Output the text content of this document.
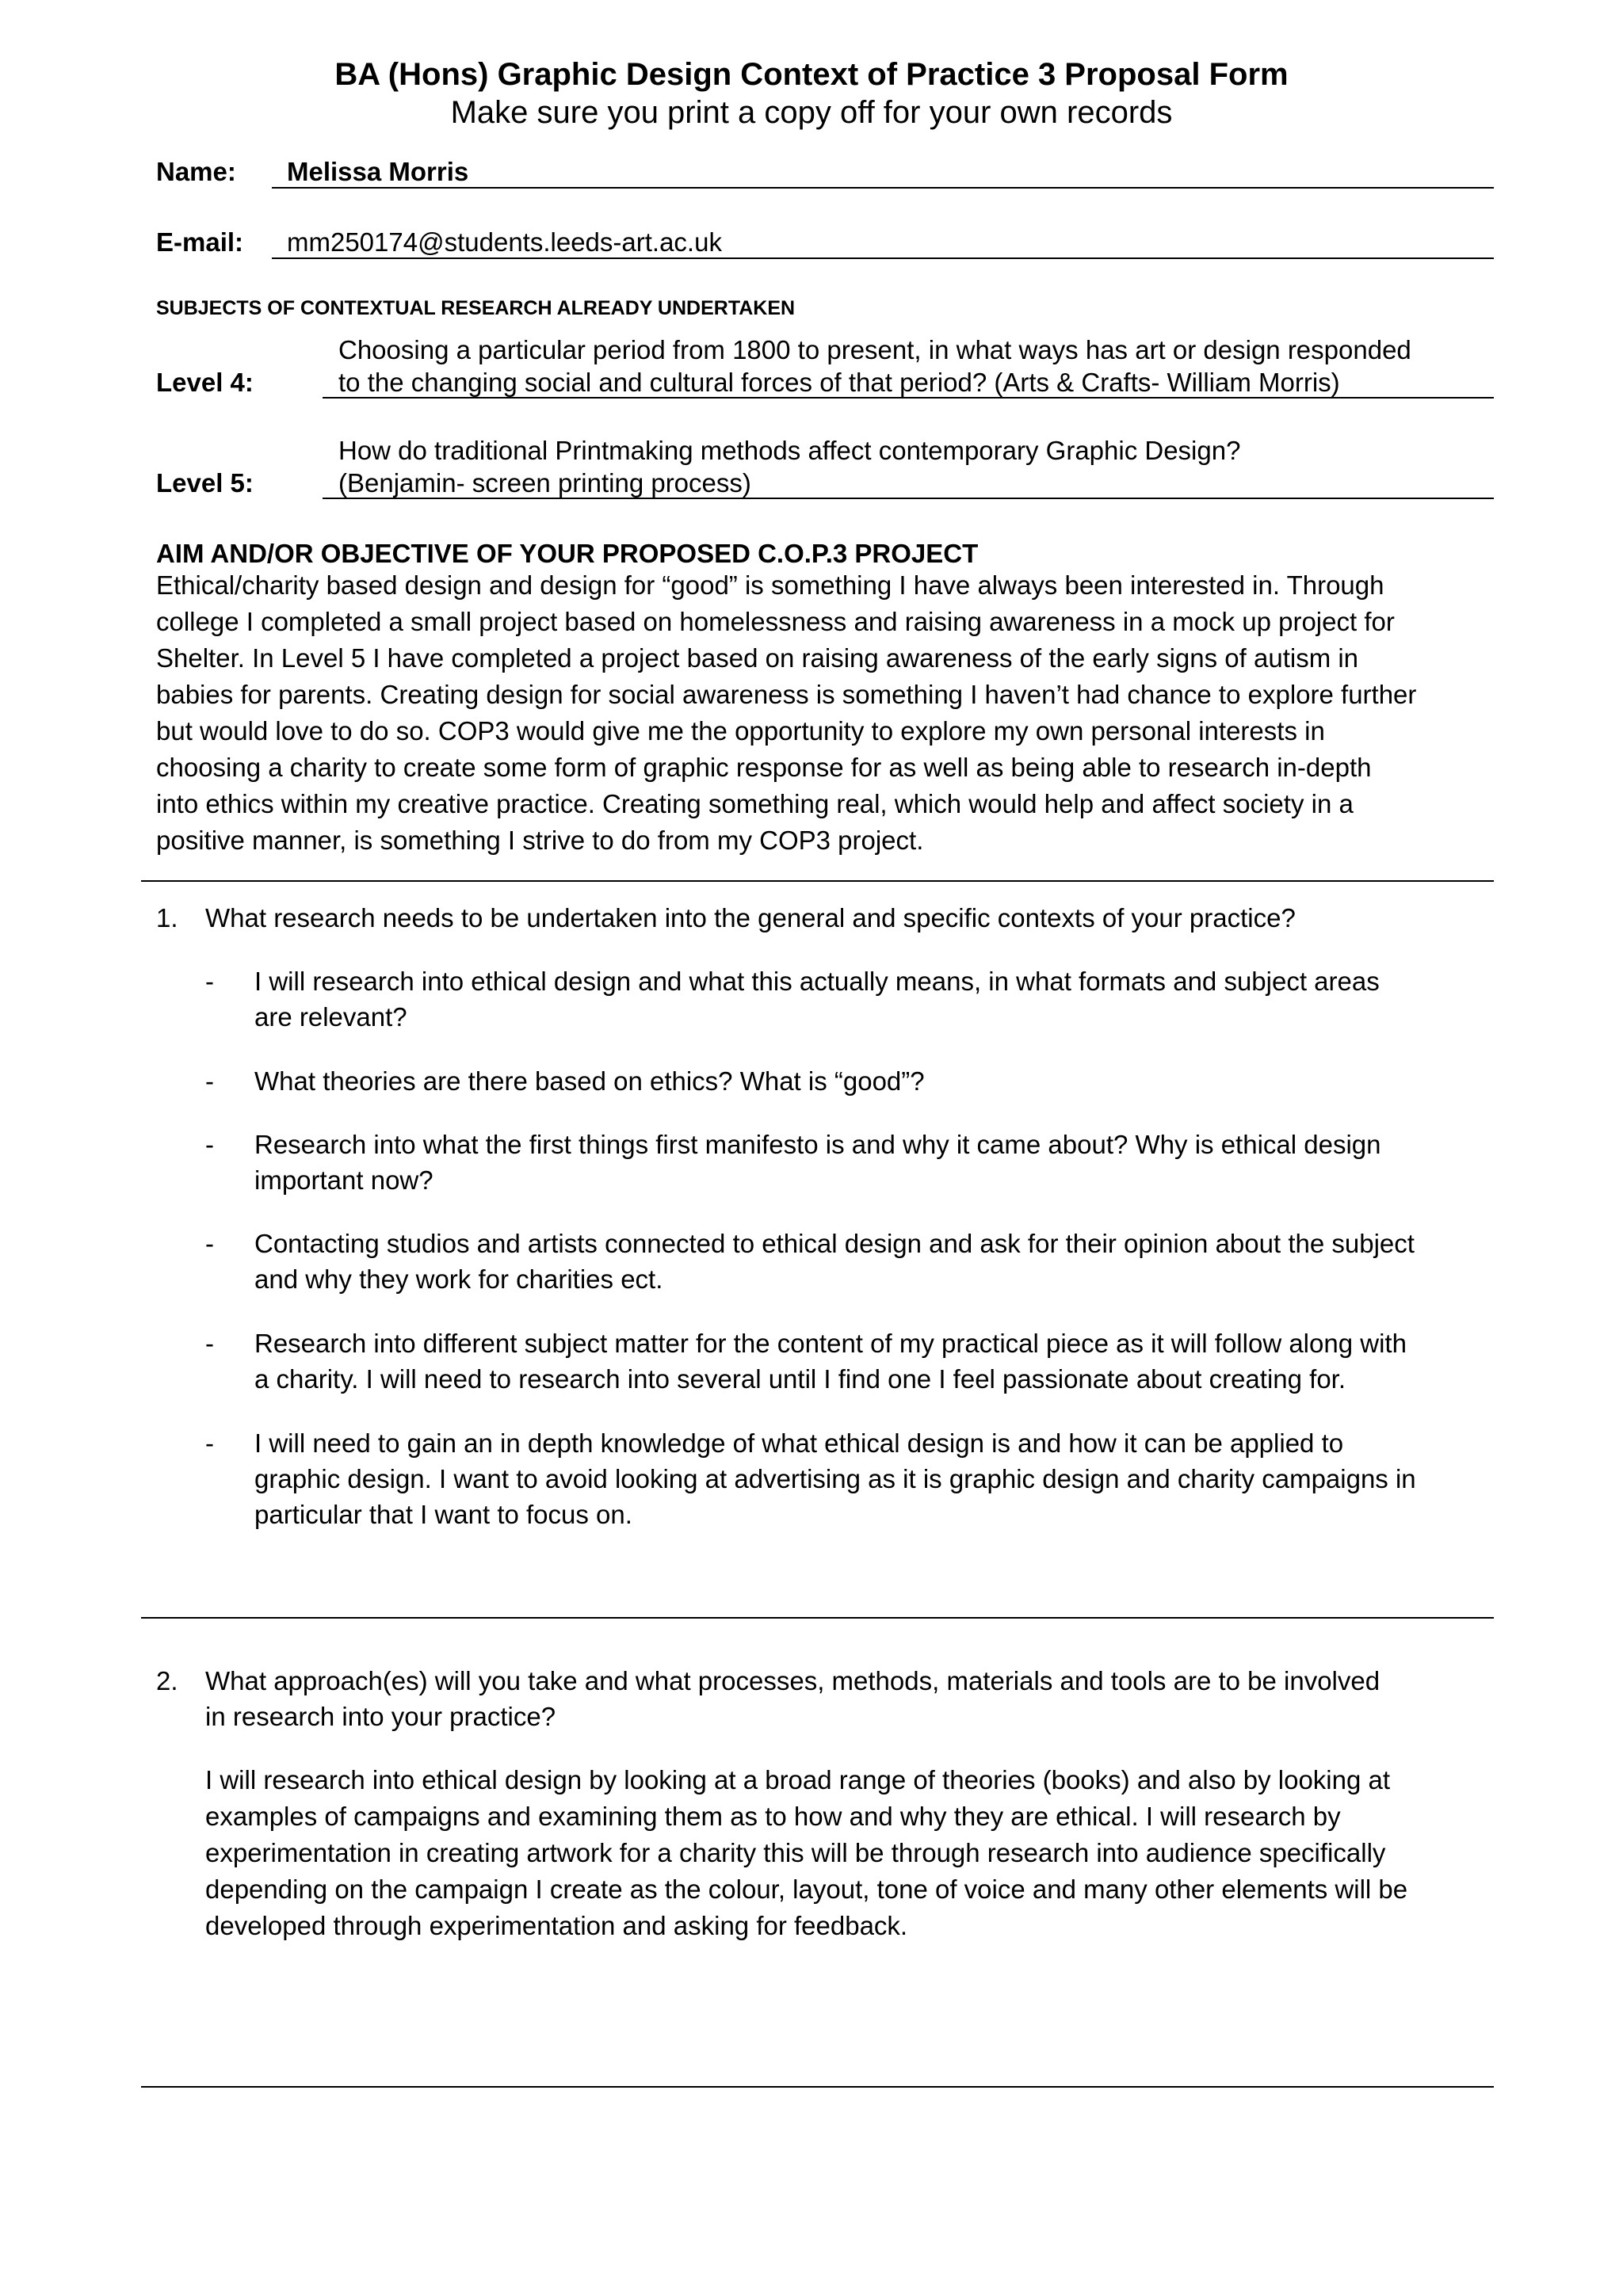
BA (Hons) Graphic Design Context of Practice 3 Proposal Form
Make sure you print a copy off for your own records
Name: Melissa Morris
E-mail: mm250174@students.leeds-art.ac.uk
SUBJECTS OF CONTEXTUAL RESEARCH ALREADY UNDERTAKEN
Choosing a particular period from 1800 to present, in what ways has art or design responded
Level 4:	to the changing social and cultural forces of that period? (Arts & Crafts- William Morris)
How do traditional Printmaking methods affect contemporary Graphic Design?
Level 5:	(Benjamin- screen printing process)
AIM AND/OR OBJECTIVE OF YOUR PROPOSED C.O.P.3 PROJECT
Ethical/charity based design and design for “good” is something I have always been interested in. Through
college I completed a small project based on homelessness and raising awareness in a mock up project for
Shelter. In Level 5 I have completed a project based on raising awareness of the early signs of autism in
babies for parents. Creating design for social awareness is something I haven’t had chance to explore further
but would love to do so. COP3 would give me the opportunity to explore my own personal interests in
choosing a charity to create some form of graphic response for as well as being able to research in-depth
into ethics within my creative practice. Creating something real, which would help and affect society in a
positive manner, is something I strive to do from my COP3 project.
1. What research needs to be undertaken into the general and specific contexts of your practice?
- I will research into ethical design and what this actually means, in what formats and subject areas
are relevant?
- What theories are there based on ethics? What is “good”?
- Research into what the first things first manifesto is and why it came about? Why is ethical design
important now?
- Contacting studios and artists connected to ethical design and ask for their opinion about the subject
and why they work for charities ect.
- Research into different subject matter for the content of my practical piece as it will follow along with
a charity. I will need to research into several until I find one I feel passionate about creating for.
- I will need to gain an in depth knowledge of what ethical design is and how it can be applied to
graphic design. I want to avoid looking at advertising as it is graphic design and charity campaigns in
particular that I want to focus on.
2. What approach(es) will you take and what processes, methods, materials and tools are to be involved
in research into your practice?
I will research into ethical design by looking at a broad range of theories (books) and also by looking at
examples of campaigns and examining them as to how and why they are ethical. I will research by
experimentation in creating artwork for a charity this will be through research into audience specifically
depending on the campaign I create as the colour, layout, tone of voice and many other elements will be
developed through experimentation and asking for feedback.
